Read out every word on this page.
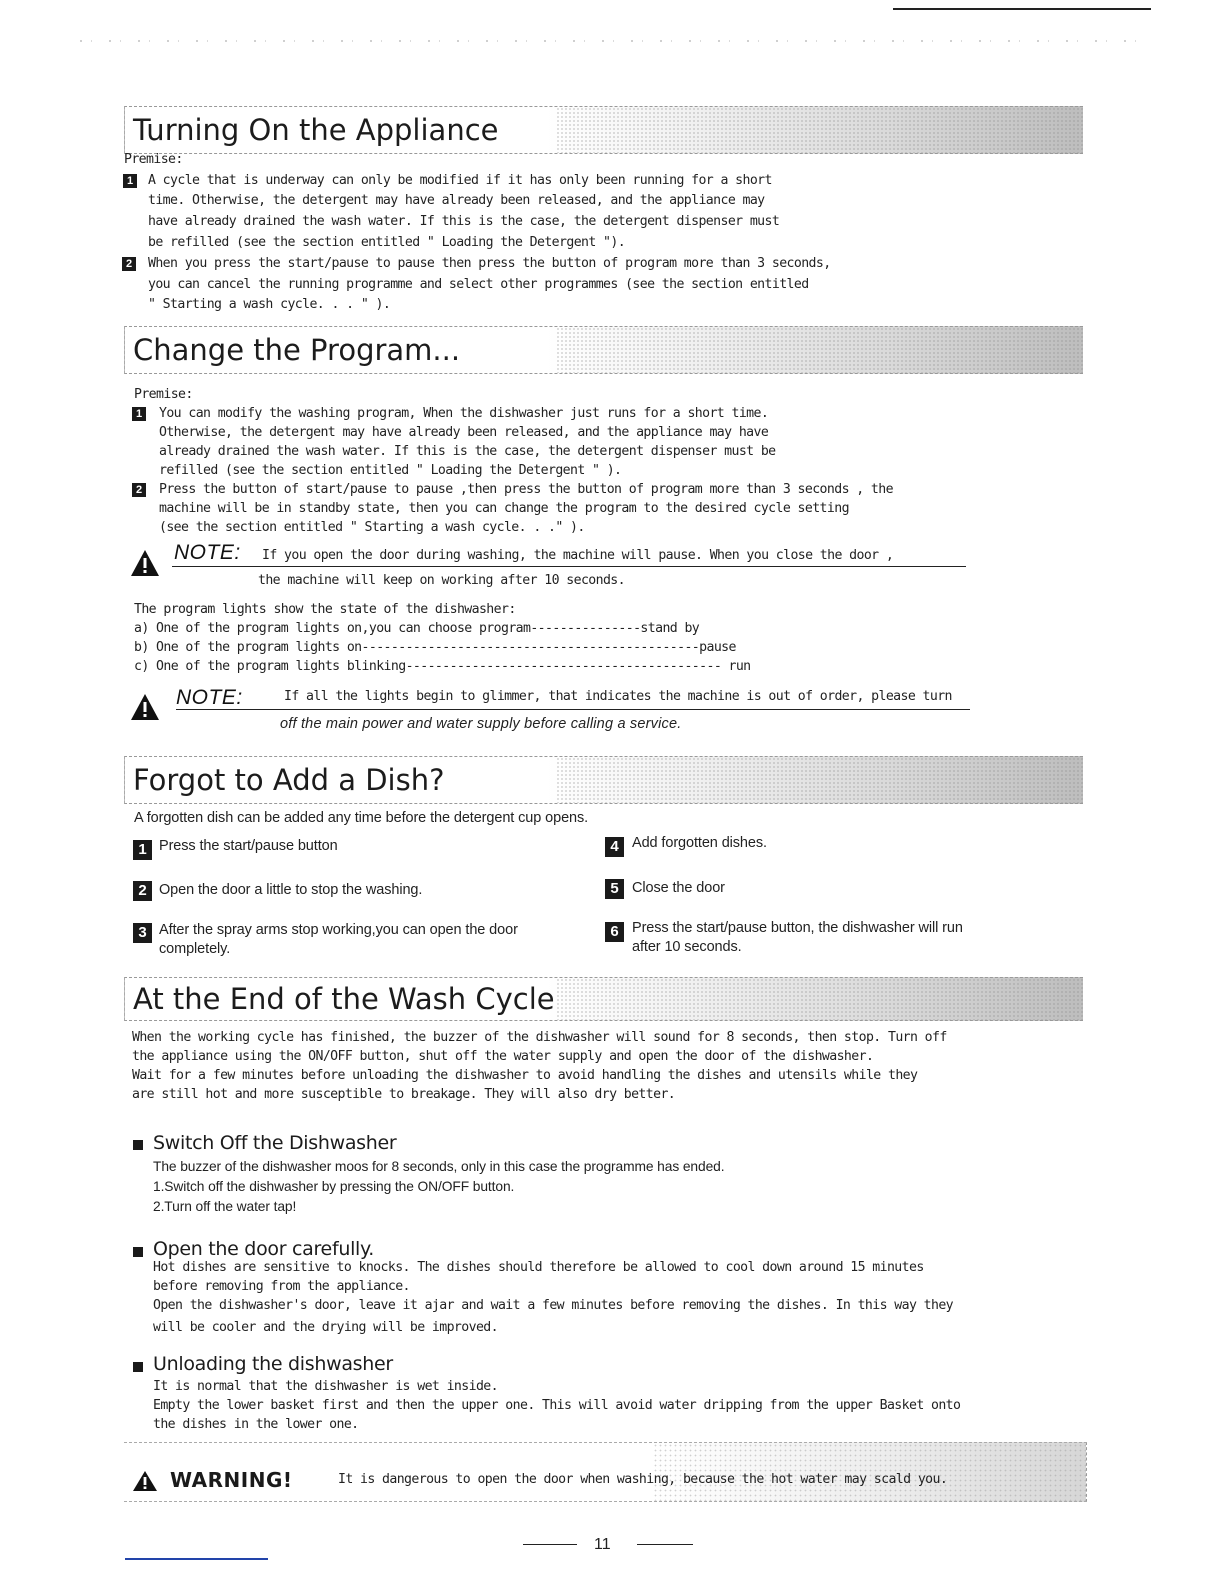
Turning On the Appliance
Premise:
1 A cycle that is underway can only be modified if it has only been running for a short
time. Otherwise, the detergent may have already been released, and the appliance may
have already drained the wash water. If this is the case, the detergent dispenser must
be refilled (see the section entitled " Loading the Detergent ").
2 When you press the start/pause to pause then press the button of program more than 3 seconds,
you can cancel the running programme and select other programmes (see the section entitled
" Starting a wash cycle. . . " ).
Change the Program...
Premise:
1 You can modify the washing program, When the dishwasher just runs for a short time.
Otherwise, the detergent may have already been released, and the appliance may have
already drained the wash water. If this is the case, the detergent dispenser must be
refilled (see the section entitled " Loading the Detergent " ).
2 Press the button of start/pause to pause ,then press the button of program more than 3 seconds , the
machine will be in standby state, then you can change the program to the desired cycle setting
(see the section entitled " Starting a wash cycle. . ." ).
NOTE: If you open the door during washing, the machine will pause. When you close the door ,
the machine will keep on working after 10 seconds.
The program lights show the state of the dishwasher:
a) One of the program lights on,you can choose program---------------stand by
b) One of the program lights on----------------------------------------------pause
c) One of the program lights blinking------------------------------------------- run
NOTE:	If all the lights begin to glimmer, that indicates the machine is out of order, please turn
off the main power and water supply before calling a service.
Forgot to Add a Dish?
A forgotten dish can be added any time before the detergent cup opens.
1 Press the start/pause button
2 Open the door a little to stop the washing.
3 After the spray arms stop working,you can open the door
completely.
4 Add forgotten dishes.
5 Close the door
6 Press the start/pause button, the dishwasher will run
after 10 seconds.
At the End of the Wash Cycle
When the working cycle has finished, the buzzer of the dishwasher will sound for 8 seconds, then stop. Turn off
the appliance using the ON/OFF button, shut off the water supply and open the door of the dishwasher.
Wait for a few minutes before unloading the dishwasher to avoid handling the dishes and utensils while they
are still hot and more susceptible to breakage. They will also dry better.
Switch Off the Dishwasher
The buzzer of the dishwasher moos for 8 seconds, only in this case the programme has ended.
1.Switch off the dishwasher by pressing the ON/OFF button.
2.Turn off the water tap!
Open the door carefully.
Hot dishes are sensitive to knocks. The dishes should therefore be allowed to cool down around 15 minutes
before removing from the appliance.
Open the dishwasher's door, leave it ajar and wait a few minutes before removing the dishes. In this way they
will be cooler and the drying will be improved.
Unloading the dishwasher
It is normal that the dishwasher is wet inside.
Empty the lower basket first and then the upper one. This will avoid water dripping from the upper Basket onto
the dishes in the lower one.
WARNING!	It is dangerous to open the door when washing, because the hot water may scald you.
11
